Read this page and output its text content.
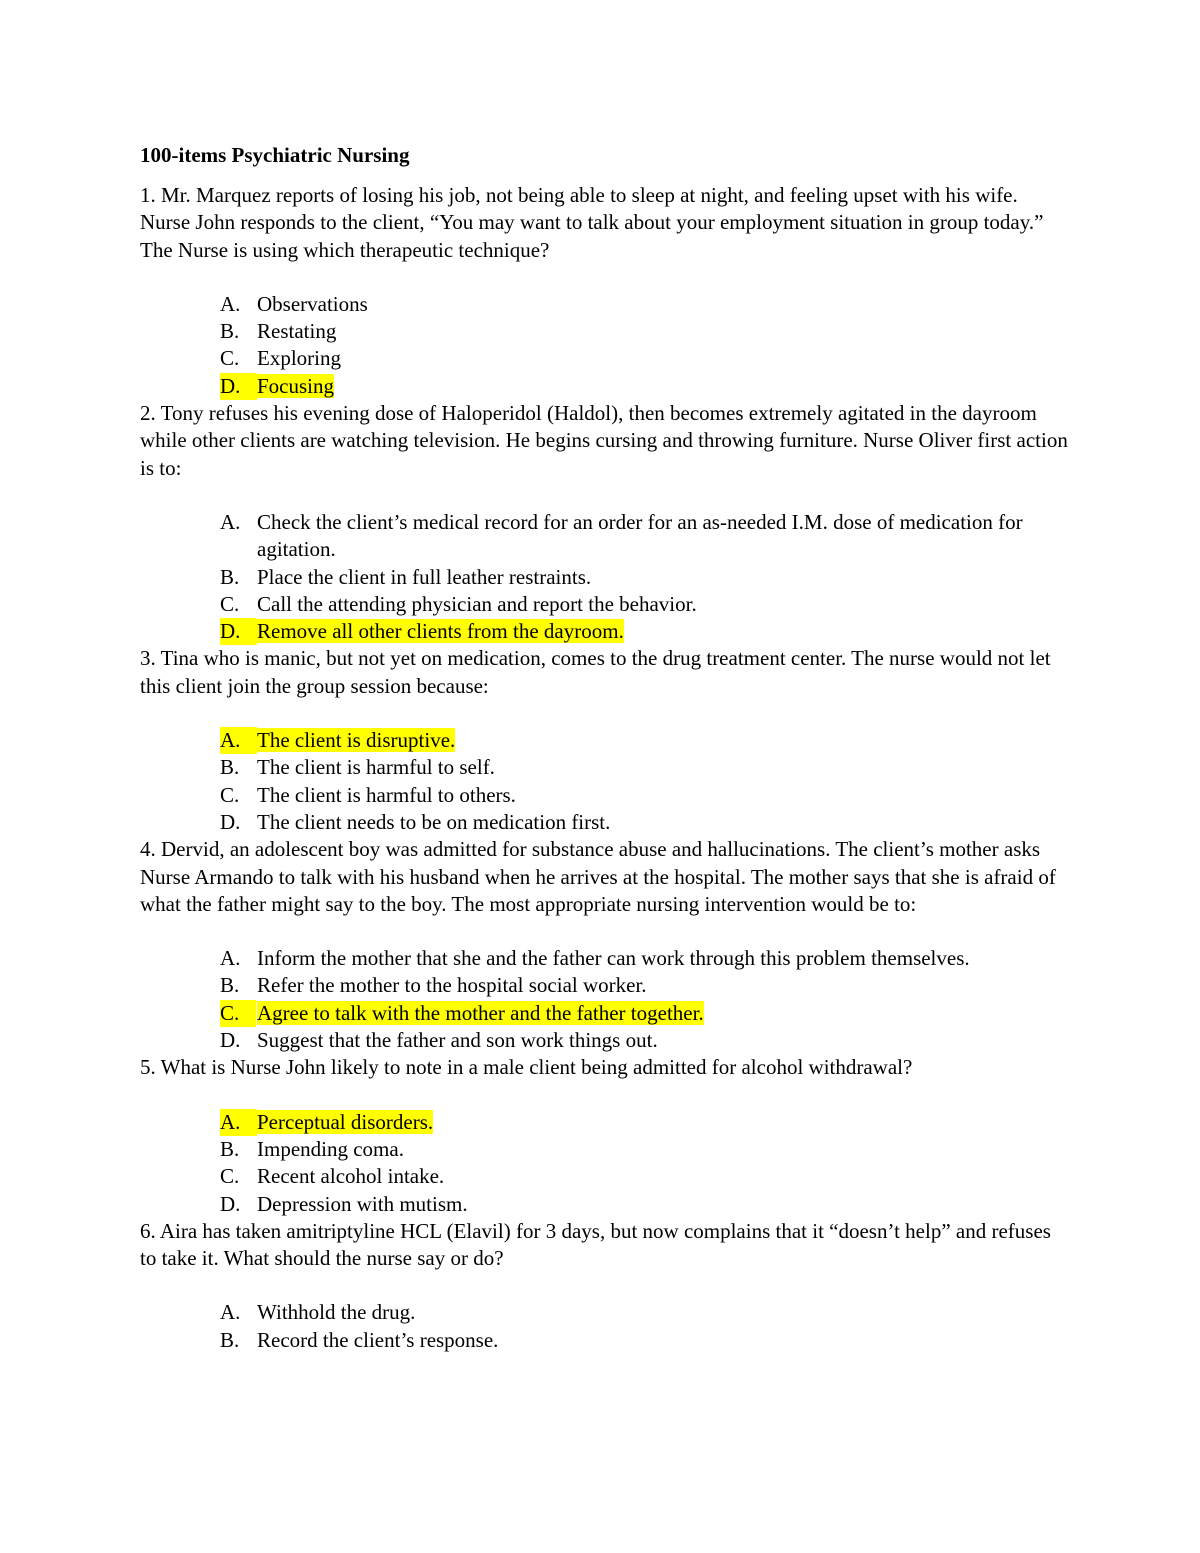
100-items Psychiatric Nursing

1. Mr. Marquez reports of losing his job, not being able to sleep at night, and feeling upset with his wife. Nurse John responds to the client, “You may want to talk about your employment situation in group today.” The Nurse is using which therapeutic technique?

A. Observations
B. Restating
C. Exploring
D. Focusing

2. Tony refuses his evening dose of Haloperidol (Haldol), then becomes extremely agitated in the dayroom while other clients are watching television. He begins cursing and throwing furniture. Nurse Oliver first action is to:

A. Check the client’s medical record for an order for an as-needed I.M. dose of medication for agitation.
B. Place the client in full leather restraints.
C. Call the attending physician and report the behavior.
D. Remove all other clients from the dayroom.

3. Tina who is manic, but not yet on medication, comes to the drug treatment center. The nurse would not let this client join the group session because:

A. The client is disruptive.
B. The client is harmful to self.
C. The client is harmful to others.
D. The client needs to be on medication first.

4. Dervid, an adolescent boy was admitted for substance abuse and hallucinations. The client’s mother asks Nurse Armando to talk with his husband when he arrives at the hospital. The mother says that she is afraid of what the father might say to the boy. The most appropriate nursing intervention would be to:

A. Inform the mother that she and the father can work through this problem themselves.
B. Refer the mother to the hospital social worker.
C. Agree to talk with the mother and the father together.
D. Suggest that the father and son work things out.

5. What is Nurse John likely to note in a male client being admitted for alcohol withdrawal?

A. Perceptual disorders.
B. Impending coma.
C. Recent alcohol intake.
D. Depression with mutism.

6. Aira has taken amitriptyline HCL (Elavil) for 3 days, but now complains that it “doesn’t help” and refuses to take it. What should the nurse say or do?

A. Withhold the drug.
B. Record the client’s response.
